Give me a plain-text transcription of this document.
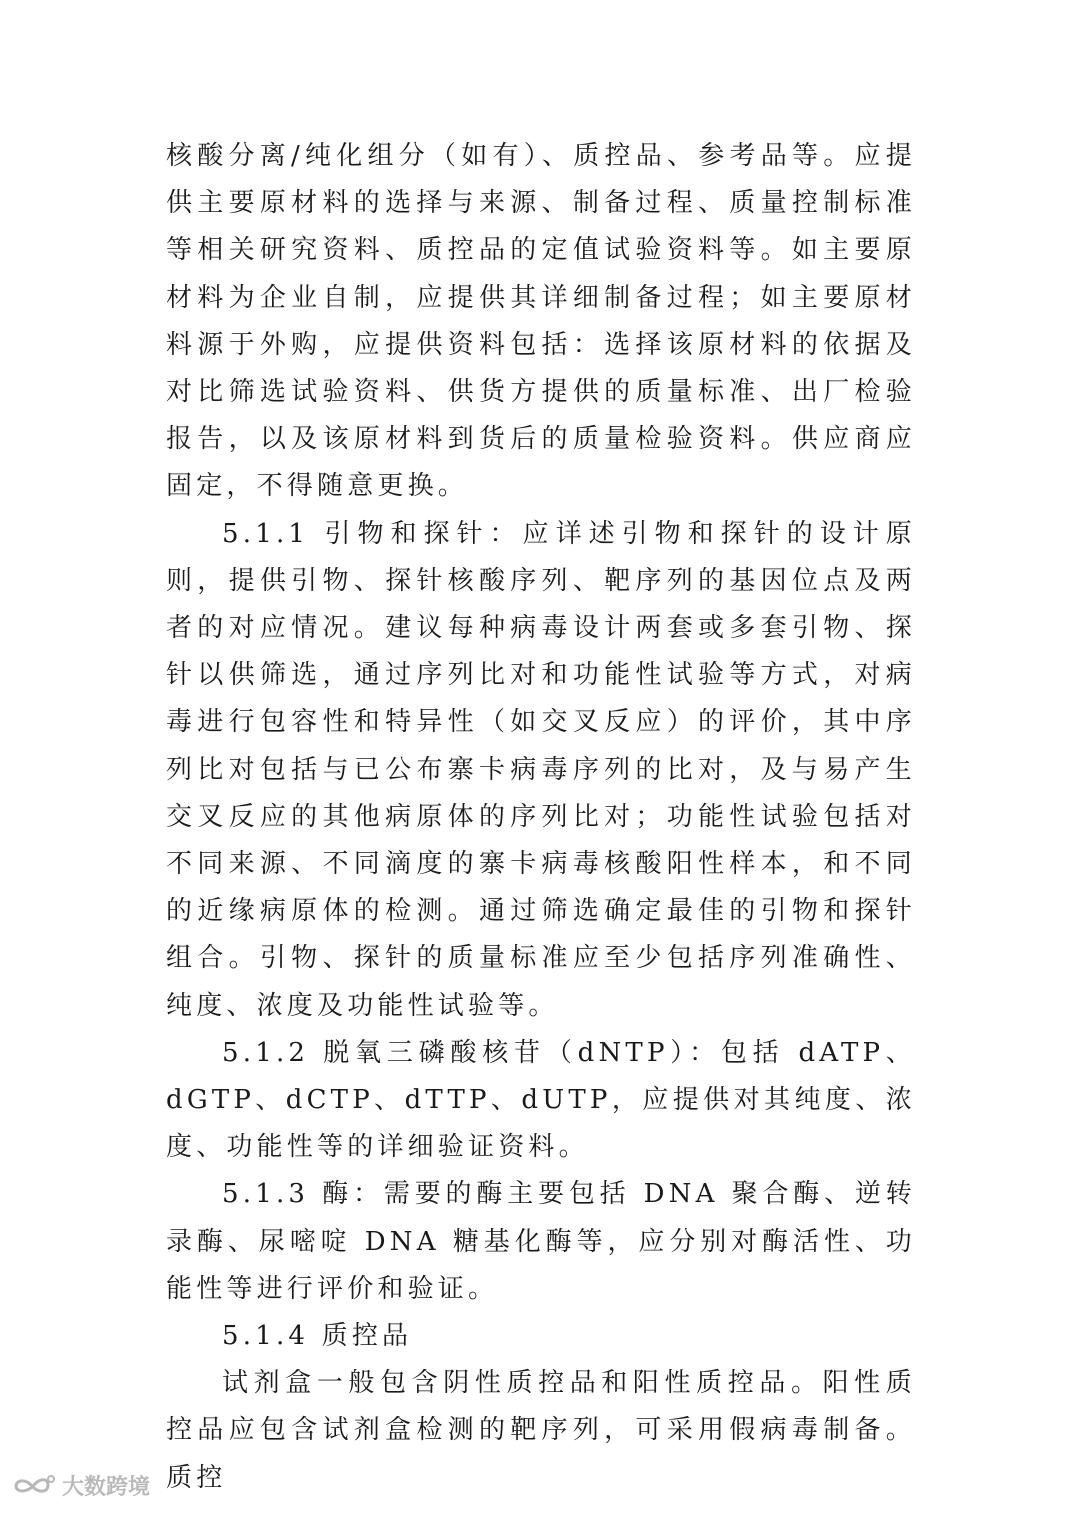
核酸分离/纯化组分（如有）、质控品、参考品等。应提供主要原材料的选择与来源、制备过程、质量控制标准等相关研究资料、质控品的定值试验资料等。如主要原材料为企业自制，应提供其详细制备过程；如主要原材料源于外购，应提供资料包括：选择该原材料的依据及对比筛选试验资料、供货方提供的质量标准、出厂检验报告，以及该原材料到货后的质量检验资料。供应商应固定，不得随意更换。

5.1.1 引物和探针：应详述引物和探针的设计原则，提供引物、探针核酸序列、靶序列的基因位点及两者的对应情况。建议每种病毒设计两套或多套引物、探针以供筛选，通过序列比对和功能性试验等方式，对病毒进行包容性和特异性（如交叉反应）的评价，其中序列比对包括与已公布寨卡病毒序列的比对，及与易产生交叉反应的其他病原体的序列比对；功能性试验包括对不同来源、不同滴度的寨卡病毒核酸阳性样本，和不同的近缘病原体的检测。通过筛选确定最佳的引物和探针组合。引物、探针的质量标准应至少包括序列准确性、纯度、浓度及功能性试验等。

5.1.2 脱氧三磷酸核苷（dNTP）：包括 dATP、dGTP、dCTP、dTTP、dUTP，应提供对其纯度、浓度、功能性等的详细验证资料。

5.1.3 酶：需要的酶主要包括 DNA 聚合酶、逆转录酶、尿嘧啶 DNA 糖基化酶等，应分别对酶活性、功能性等进行评价和验证。

5.1.4 质控品

试剂盒一般包含阴性质控品和阳性质控品。阳性质控品应包含试剂盒检测的靶序列，可采用假病毒制备。质控

大数跨境
